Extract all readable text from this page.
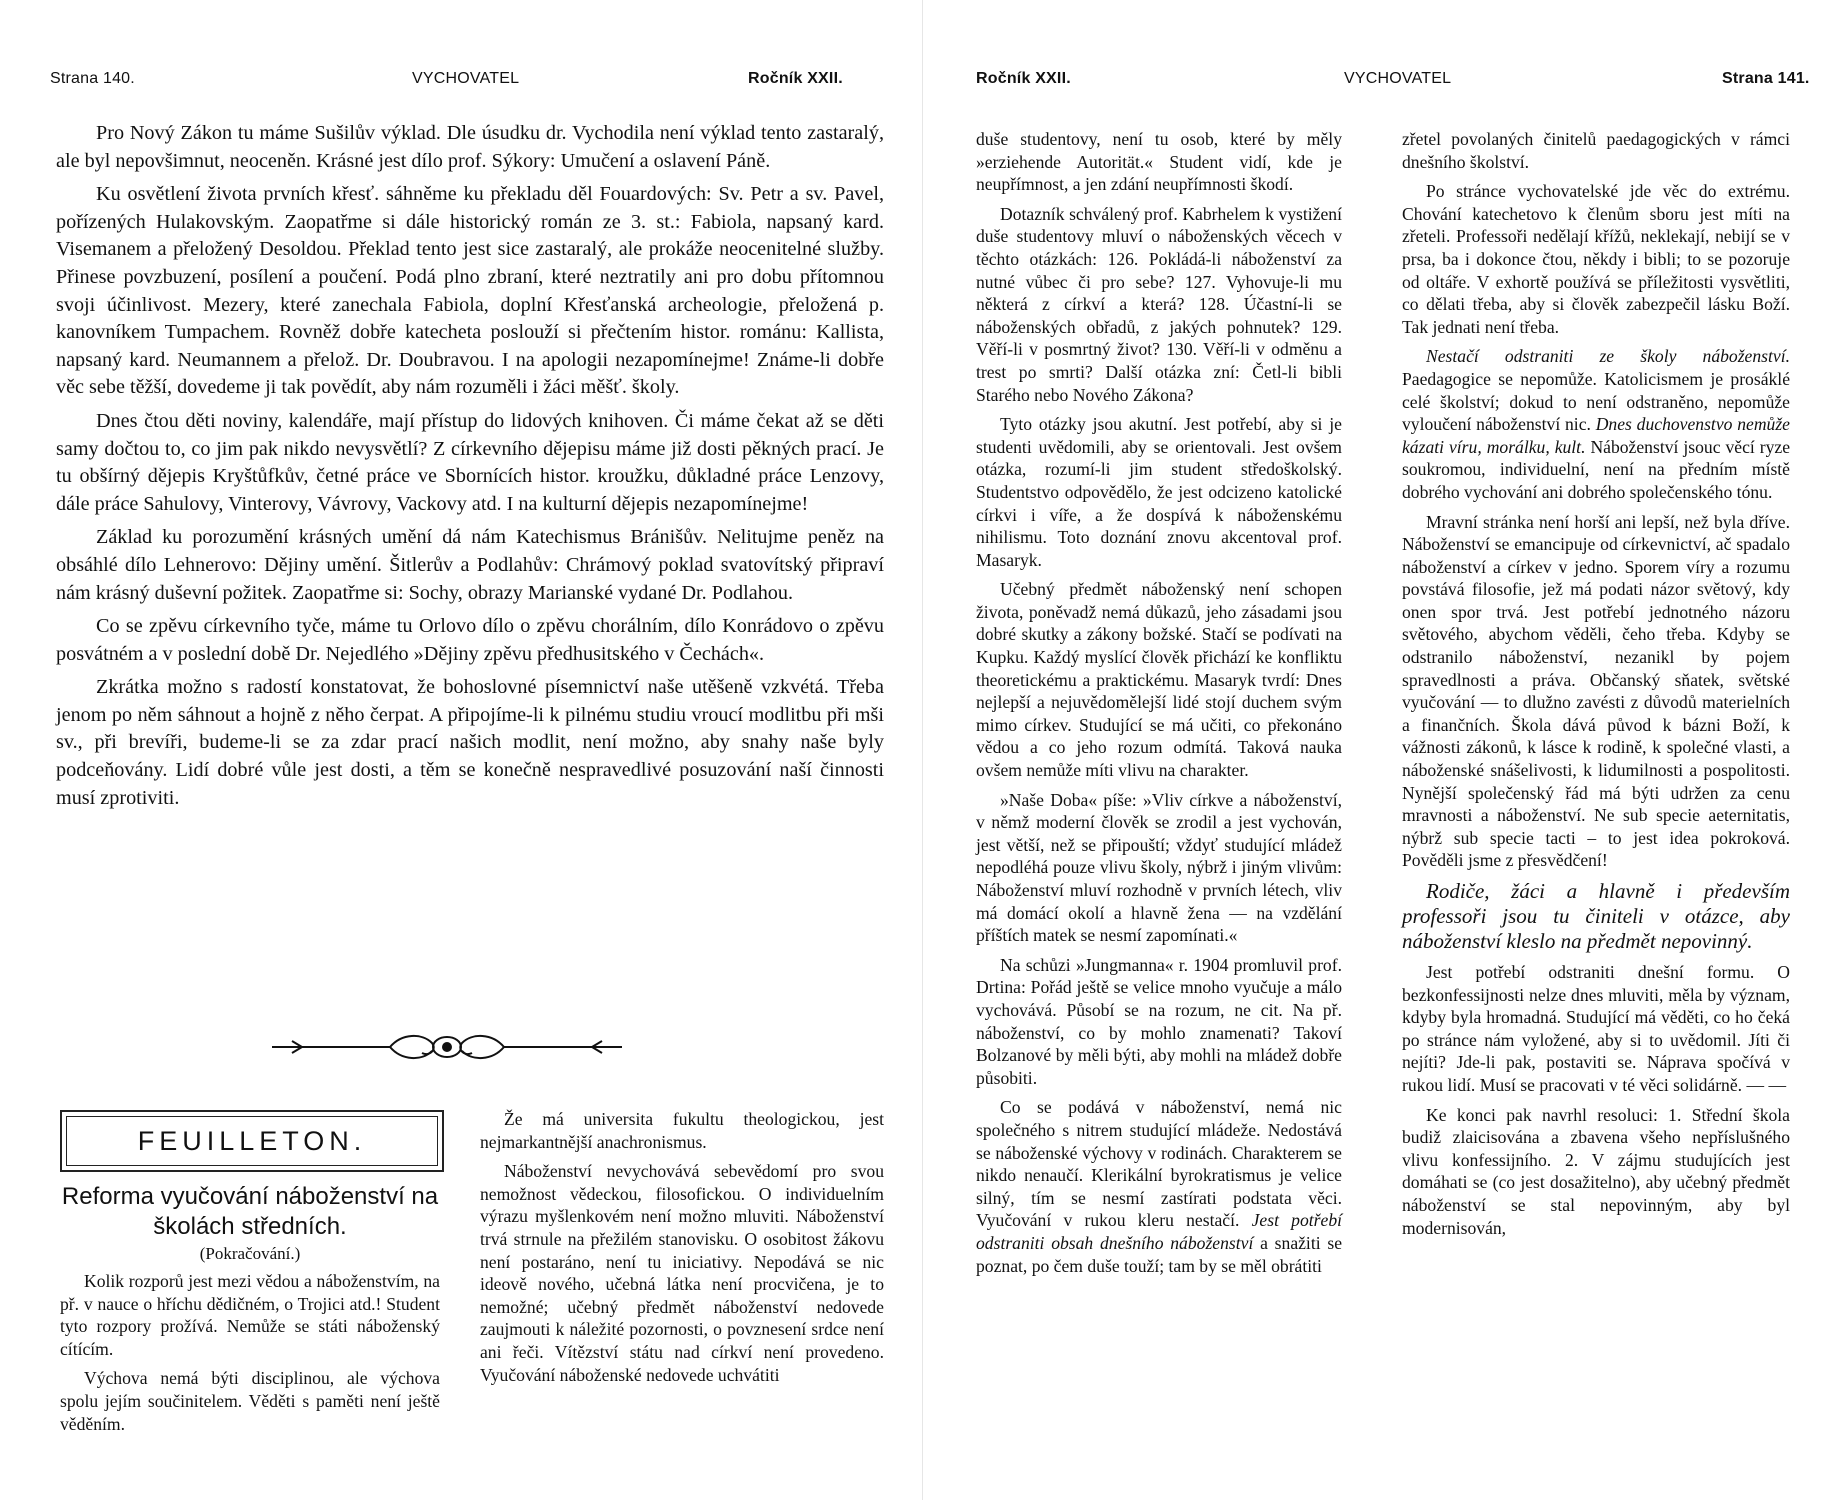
Strana 140.	VYCHOVATEL	Ročník XXII.

Pro Nový Zákon tu máme Sušilův výklad. Dle úsudku dr. Vychodila není výklad tento zastaralý, ale byl nepovšimnut, neoceněn. Krásné jest dílo prof. Sýkory: Umučení a oslavení Páně.

Ku osvětlení života prvních křesť. sáhněme ku překladu děl Fouardových: Sv. Petr a sv. Pavel, pořízených Hulakovským. Zaopatřme si dále historický román ze 3. st.: Fabiola, napsaný kard. Visemanem a přeložený Desoldou. Překlad tento jest sice zastaralý, ale prokáže neocenitelné služby. Přinese povzbuzení, posílení a poučení. Podá plno zbraní, které neztratily ani pro dobu přítomnou svoji účinlivost. Mezery, které zanechala Fabiola, doplní Křesťanská archeologie, přeložená p. kanovníkem Tumpachem. Rovněž dobře katecheta poslouží si přečtením histor. románu: Kallista, napsaný kard. Neumannem a přelož. Dr. Doubravou. I na apologii nezapomínejme! Známe-li dobře věc sebe těžší, dovedeme ji tak povědít, aby nám rozuměli i žáci měšť. školy.

Dnes čtou děti noviny, kalendáře, mají přístup do lidových knihoven. Či máme čekat až se děti samy dočtou to, co jim pak nikdo nevysvětlí? Z církevního dějepisu máme již dosti pěkných prací. Je tu obšírný dějepis Kryštůfkův, četné práce ve Sbornících histor. kroužku, důkladné práce Lenzovy, dále práce Sahulovy, Vinterovy, Vávrovy, Vackovy atd. I na kulturní dějepis nezapomínejme!

Základ ku porozumění krásných umění dá nám Katechismus Bránišův. Nelitujme peněz na obsáhlé dílo Lehnerovo: Dějiny umění. Šitlerův a Podlahův: Chrámový poklad svatovítský připraví nám krásný duševní požitek. Zaopatřme si: Sochy, obrazy Marianské vydané Dr. Podlahou.

Co se zpěvu církevního tyče, máme tu Orlovo dílo o zpěvu chorálním, dílo Konrádovo o zpěvu posvátném a v poslední době Dr. Nejedlého »Dějiny zpěvu předhusitského v Čechách«.

Zkrátka možno s radostí konstatovat, že bohoslovné písemnictví naše utěšeně vzkvétá. Třeba jenom po něm sáhnout a hojně z něho čerpat. A připojíme-li k pilnému studiu vroucí modlitbu při mši sv., při brevíři, budeme-li se za zdar prací našich modlit, není možno, aby snahy naše byly podceňovány. Lidí dobré vůle jest dosti, a těm se konečně nespravedlivé posuzování naší činnosti musí zprotiviti.

FEUILLETON.
Reforma vyučování náboženství na školách středních.
(Pokračování.)

Kolik rozporů jest mezi vědou a náboženstvím, na př. v nauce o hříchu dědičném, o Trojici atd.! Student tyto rozpory prožívá. Nemůže se státi náboženský cítícím.

Výchova nemá býti disciplinou, ale výchova spolu jejím součinitelem. Věděti s paměti není ještě věděním.

Že má universita fukultu theologickou, jest nejmarkantnější anachronismus.

Náboženství nevychovává sebevědomí pro svou nemožnost vědeckou, filosofickou. O individuelním výrazu myšlenkovém není možno mluviti. Náboženství trvá strnule na přežilém stanovisku. O osobitost žákovu není postaráno, není tu iniciativy. Nepodává se nic ideově nového, učebná látka není procvičena, je to nemožné; učebný předmět náboženství nedovede zaujmouti k náležité pozornosti, o povznesení srdce není ani řeči. Vítězství státu nad církví není provedeno. Vyučování náboženské nedovede uchvátiti

Ročník XXII.	VYCHOVATEL	Strana 141.

duše studentovy, není tu osob, které by měly »erziehende Autorität.« Student vidí, kde je neupřímnost, a jen zdání neupřímnosti škodí.

Dotazník schválený prof. Kabrhelem k vystižení duše studentovy mluví o náboženských věcech v těchto otázkách: 126. Pokládá-li náboženství za nutné vůbec či pro sebe? 127. Vyhovuje-li mu některá z církví a která? 128. Účastní-li se náboženských obřadů, z jakých pohnutek? 129. Věří-li v posmrtný život? 130. Věří-li v odměnu a trest po smrti? Další otázka zní: Četl-li bibli Starého nebo Nového Zákona?

Tyto otázky jsou akutní. Jest potřebí, aby si je studenti uvědomili, aby se orientovali. Jest ovšem otázka, rozumí-li jim student středoškolský. Studentstvo odpovědělo, že jest odcizeno katolické církvi i víře, a že dospívá k náboženskému nihilismu. Toto doznání znovu akcentoval prof. Masaryk.

Učebný předmět náboženský není schopen života, poněvadž nemá důkazů, jeho zásadami jsou dobré skutky a zákony božské. Stačí se podívati na Kupku. Každý myslící člověk přichází ke konfliktu theoretickému a praktickému. Masaryk tvrdí: Dnes nejlepší a nejuvědomělejší lidé stojí duchem svým mimo církev. Studující se má učiti, co překonáno vědou a co jeho rozum odmítá. Taková nauka ovšem nemůže míti vlivu na charakter.

»Naše Doba« píše: »Vliv církve a náboženství, v němž moderní člověk se zrodil a jest vychován, jest větší, než se připouští; vždyť studující mládež nepodléhá pouze vlivu školy, nýbrž i jiným vlivům: Náboženství mluví rozhodně v prvních létech, vliv má domácí okolí a hlavně žena — na vzdělání příštích matek se nesmí zapomínati.«

Na schůzi »Jungmanna« r. 1904 promluvil prof. Drtina: Pořád ještě se velice mnoho vyučuje a málo vychovává. Působí se na rozum, ne cit. Na př. náboženství, co by mohlo znamenati? Takoví Bolzanové by měli býti, aby mohli na mládež dobře působiti.

Co se podává v náboženství, nemá nic společného s nitrem studující mládeže. Nedostává se náboženské výchovy v rodinách. Charakterem se nikdo nenaučí. Klerikální byrokratismus je velice silný, tím se nesmí zastírati podstata věci. Vyučování v rukou kleru nestačí. Jest potřebí odstraniti obsah dnešního náboženství a snažiti se poznat, po čem duše touží; tam by se měl obrátiti

zřetel povolaných činitelů paedagogických v rámci dnešního školství.

Po stránce vychovatelské jde věc do extrému. Chování katechetovo k členům sboru jest míti na zřeteli. Professoři nedělají křížů, neklekají, nebijí se v prsa, ba i dokonce čtou, někdy i bibli; to se pozoruje od oltáře. V exhortě používá se příležitosti vysvětliti, co dělati třeba, aby si člověk zabezpečil lásku Boží. Tak jednati není třeba.

Nestačí odstraniti ze školy náboženství. Paedagogice se nepomůže. Katolicismem je prosáklé celé školství; dokud to není odstraněno, nepomůže vyloučení náboženství nic. Dnes duchovenstvo nemůže kázati víru, morálku, kult. Náboženství jsouc věcí ryze soukromou, individuelní, není na předním místě dobrého vychování ani dobrého společenského tónu.

Mravní stránka není horší ani lepší, než byla dříve. Náboženství se emancipuje od církevnictví, ač spadalo náboženství a církev v jedno. Sporem víry a rozumu povstává filosofie, jež má podati názor světový, kdy onen spor trvá. Jest potřebí jednotného názoru světového, abychom věděli, čeho třeba. Kdyby se odstranilo náboženství, nezanikl by pojem spravedlnosti a práva. Občanský sňatek, světské vyučování — to dlužno zavésti z důvodů materielních a finančních. Škola dává původ k bázni Boží, k vážnosti zákonů, k lásce k rodině, k společné vlasti, a náboženské snášelivosti, k lidumilnosti a pospolitosti. Nynější společenský řád má býti udržen za cenu mravnosti a náboženství. Ne sub specie aeternitatis, nýbrž sub specie tacti – to jest idea pokroková. Pověděli jsme z přesvědčení!

Rodiče, žáci a hlavně i především professoři jsou tu činiteli v otázce, aby náboženství kleslo na předmět nepovinný.

Jest potřebí odstraniti dnešní formu. O bezkonfessijnosti nelze dnes mluviti, měla by význam, kdyby byla hromadná. Studující má věděti, co ho čeká po stránce nám vyložené, aby si to uvědomil. Jíti či nejíti? Jde-li pak, postaviti se. Náprava spočívá v rukou lidí. Musí se pracovati v té věci solidárně. — —

Ke konci pak navrhl resoluci: 1. Střední škola budiž zlaicisována a zbavena všeho nepříslušného vlivu konfessijního. 2. V zájmu studujících jest domáhati se (co jest dosažitelno), aby učebný předmět náboženství se stal nepovinným, aby byl modernisován,
